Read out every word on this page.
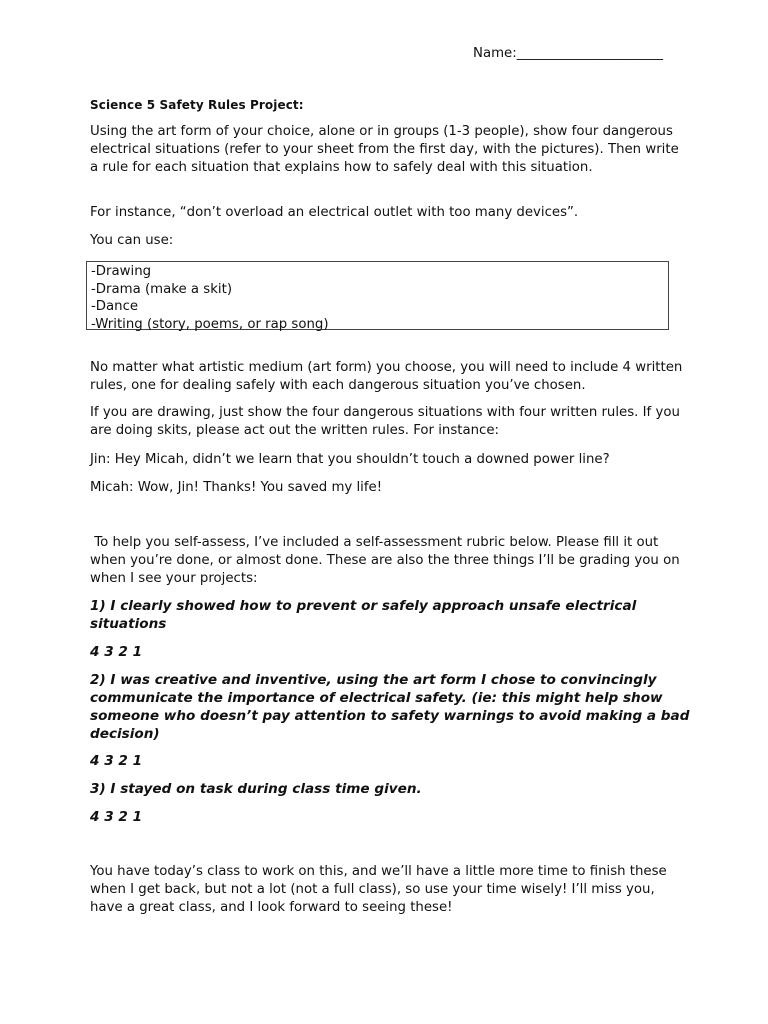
Name:______________________

Science 5 Safety Rules Project:

Using the art form of your choice, alone or in groups (1-3 people), show four dangerous electrical situations (refer to your sheet from the first day, with the pictures). Then write a rule for each situation that explains how to safely deal with this situation.

For instance, “don’t overload an electrical outlet with too many devices”.

You can use:

-Drawing
-Drama (make a skit)
-Dance
-Writing (story, poems, or rap song)

No matter what artistic medium (art form) you choose, you will need to include 4 written rules, one for dealing safely with each dangerous situation you’ve chosen.

If you are drawing, just show the four dangerous situations with four written rules. If you are doing skits, please act out the written rules. For instance:

Jin: Hey Micah, didn’t we learn that you shouldn’t touch a downed power line?

Micah: Wow, Jin! Thanks! You saved my life!

To help you self-assess, I’ve included a self-assessment rubric below. Please fill it out when you’re done, or almost done. These are also the three things I’ll be grading you on when I see your projects:

1) I clearly showed how to prevent or safely approach unsafe electrical situations

4 3 2 1

2) I was creative and inventive, using the art form I chose to convincingly communicate the importance of electrical safety. (ie: this might help show someone who doesn’t pay attention to safety warnings to avoid making a bad decision)

4 3 2 1

3) I stayed on task during class time given.

4 3 2 1

You have today’s class to work on this, and we’ll have a little more time to finish these when I get back, but not a lot (not a full class), so use your time wisely! I’ll miss you, have a great class, and I look forward to seeing these!
